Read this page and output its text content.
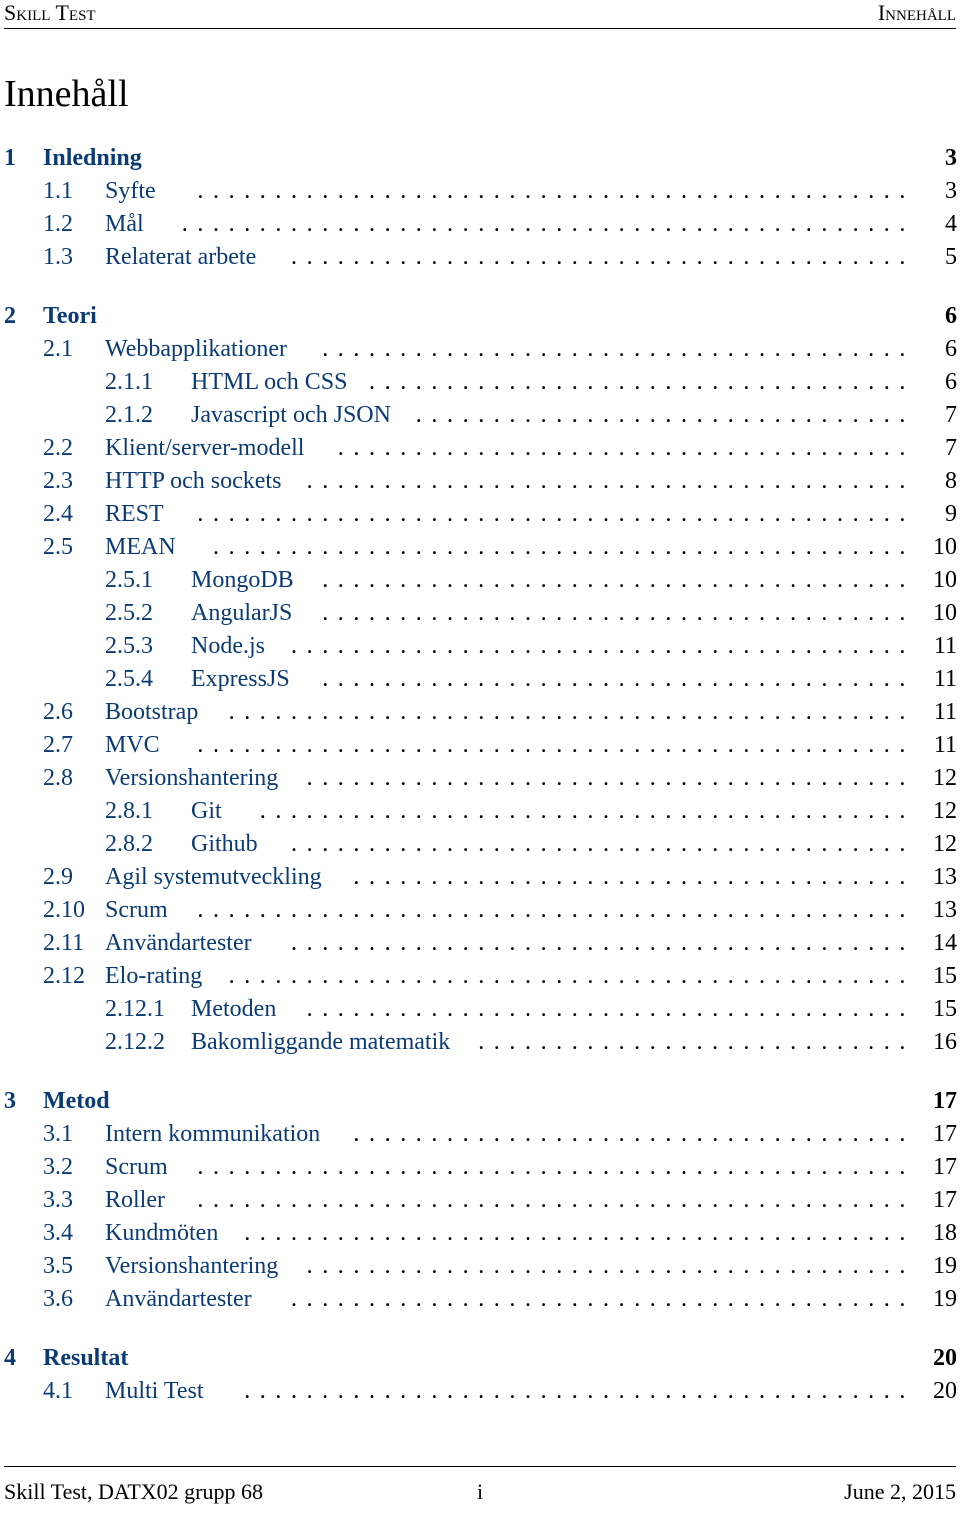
Skill Test	Innehåll
Innehåll
1 Inledning	3
1.1 Syfte	.............................................. 3
1.2 Mål	............................................... 4
1.3 Relaterat arbete	........................................ 5
2 Teori	6
2.1 Webbapplikationer	...................................... 6
2.1.1 HTML och CSS ................................... 6
2.1.2 Javascript och JSON	................................ 7
2.2 Klient/server-modell	..................................... 7
2.3 HTTP och sockets	....................................... 8
2.4 REST	.............................................. 9
2.5 MEAN	............................................. 10
2.5.1 MongoDB	...................................... 10
2.5.2 AngularJS	...................................... 10
2.5.3 Node.js	........................................ 11
2.5.4 ExpressJS	...................................... 11
2.6 Bootstrap	............................................ 11
2.7 MVC	.............................................. 11
2.8 Versionshantering	....................................... 12
2.8.1 Git	.......................................... 12
2.8.2 Github	........................................ 12
2.9 Agil systemutveckling	.................................... 13
2.10 Scrum	.............................................. 13
2.11 Användartester	........................................ 14
2.12 Elo-rating	............................................ 15
2.12.1 Metoden	....................................... 15
2.12.2 Bakomliggande matematik	............................ 16
3 Metod	17
3.1 Intern kommunikation	.................................... 17
3.2 Scrum	.............................................. 17
3.3 Roller	.............................................. 17
3.4 Kundmöten	........................................... 18
3.5 Versionshantering	....................................... 19
3.6 Användartester	........................................ 19
4 Resultat	20
4.1 Multi Test	........................................... 20
Skill Test, DATX02 grupp 68	i	June 2, 2015
